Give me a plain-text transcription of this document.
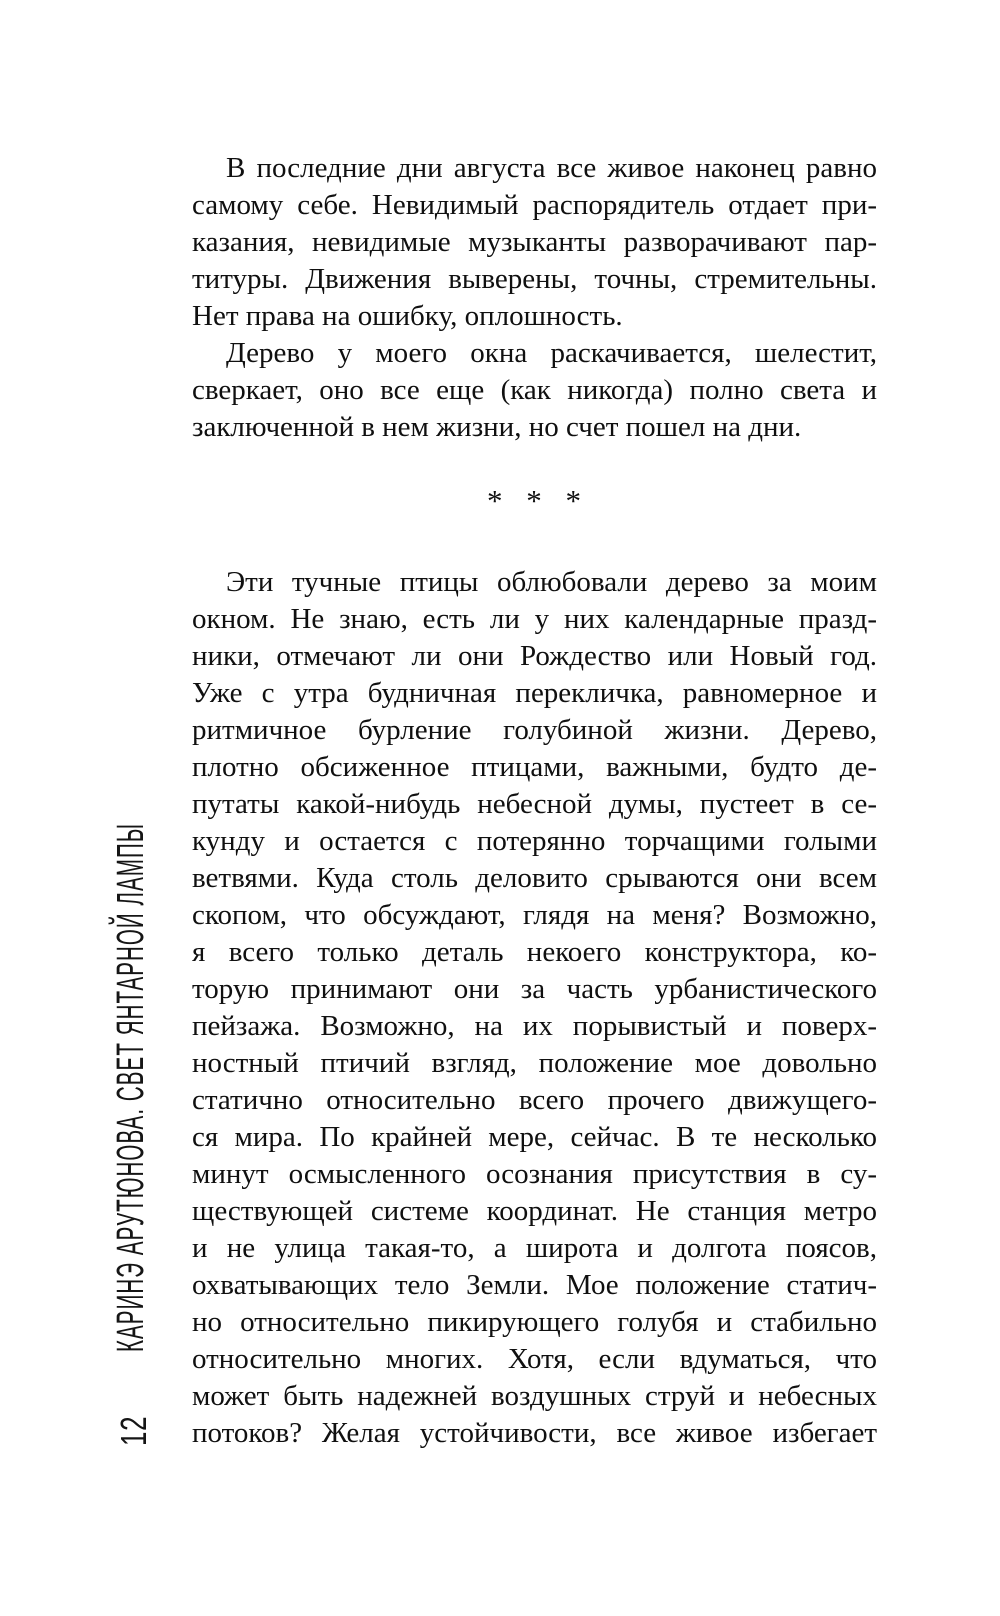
КАРИНЭ АРУТЮНОВА. СВЕТ ЯНТАРНОЙ ЛАМПЫ
12
В последние дни августа все живое наконец равно
самому себе. Невидимый распорядитель отдает при-
казания, невидимые музыканты разворачивают пар-
титуры. Движения выверены, точны, стремительны.
Нет права на ошибку, оплошность.
Дерево у моего окна раскачивается, шелестит,
сверкает, оно все еще (как никогда) полно света и
заключенной в нем жизни, но счет пошел на дни.
* * *
Эти тучные птицы облюбовали дерево за моим
окном. Не знаю, есть ли у них календарные празд-
ники, отмечают ли они Рождество или Новый год.
Уже с утра будничная перекличка, равномерное и
ритмичное бурление голубиной жизни. Дерево,
плотно обсиженное птицами, важными, будто де-
путаты какой-нибудь небесной думы, пустеет в се-
кунду и остается с потерянно торчащими голыми
ветвями. Куда столь деловито срываются они всем
скопом, что обсуждают, глядя на меня? Возможно,
я всего только деталь некоего конструктора, ко-
торую принимают они за часть урбанистического
пейзажа. Возможно, на их порывистый и поверх-
ностный птичий взгляд, положение мое довольно
статично относительно всего прочего движущего-
ся мира. По крайней мере, сейчас. В те несколько
минут осмысленного осознания присутствия в су-
ществующей системе координат. Не станция метро
и не улица такая-то, а широта и долгота поясов,
охватывающих тело Земли. Мое положение статич-
но относительно пикирующего голубя и стабильно
относительно многих. Хотя, если вдуматься, что
может быть надежней воздушных струй и небесных
потоков? Желая устойчивости, все живое избегает
